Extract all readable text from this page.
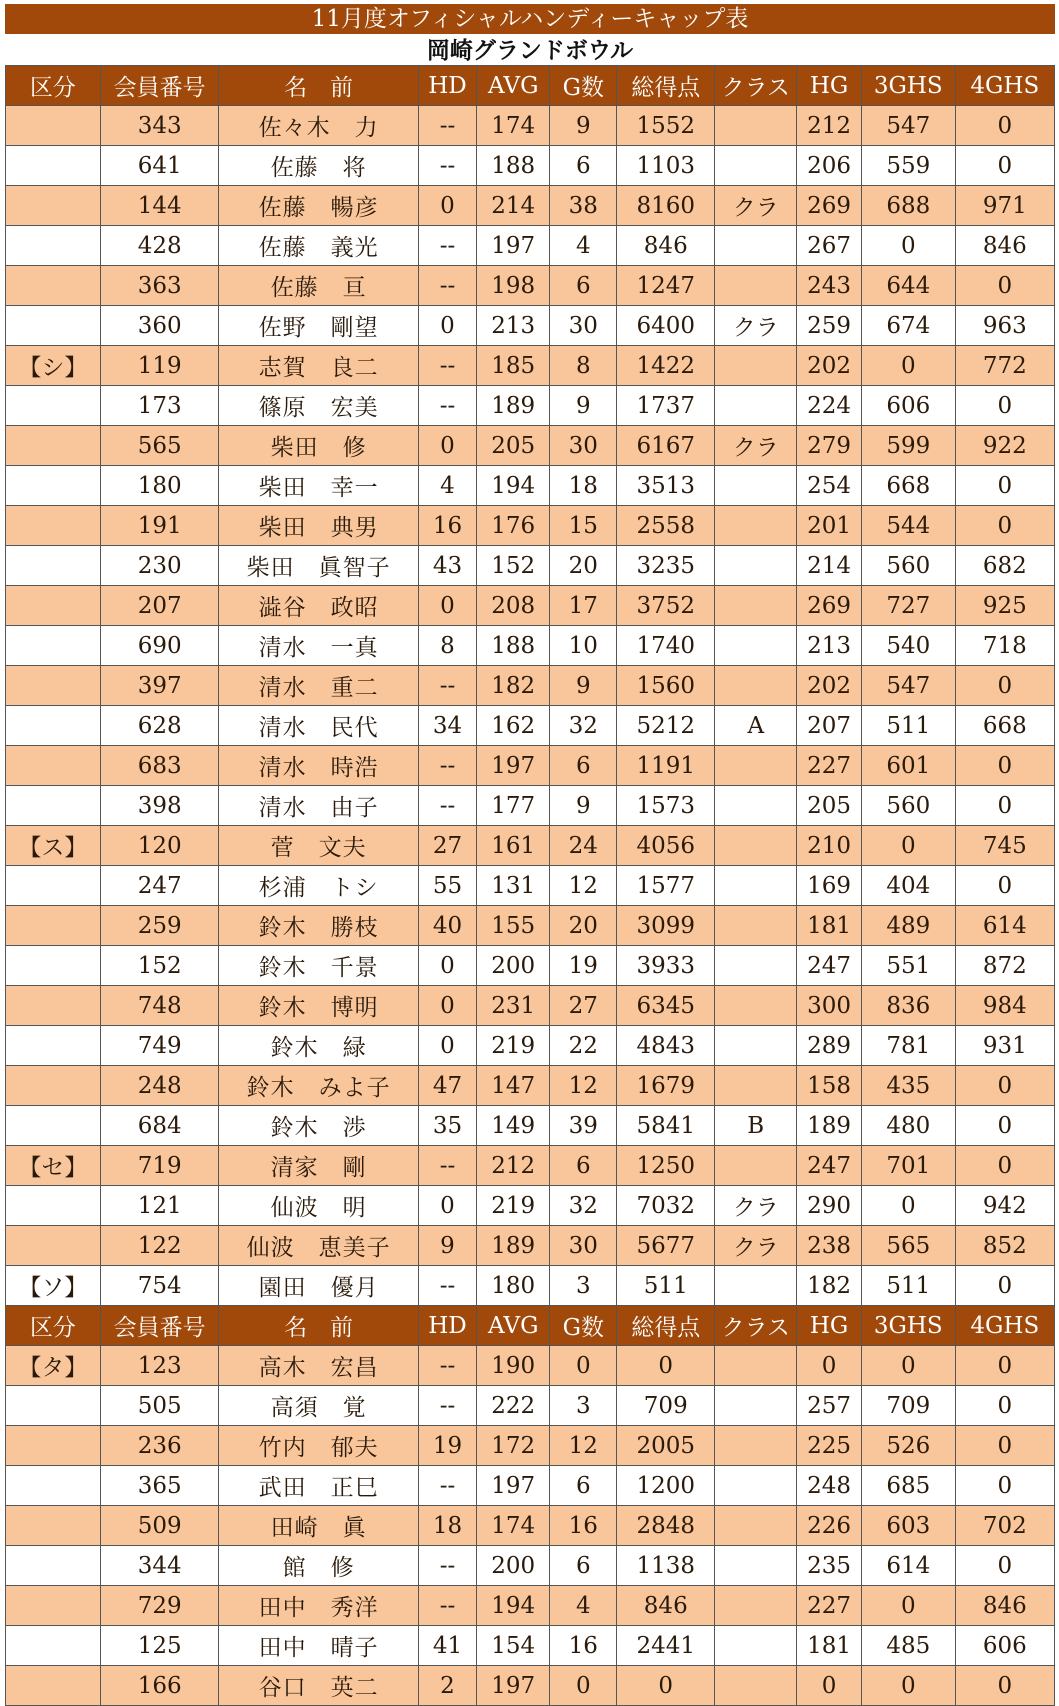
11月度オフィシャルハンディーキャップ表
岡崎グランドボウル
区分	会員番号	名　前	HD	AVG	G数	総得点	クラス	HG	3GHS	4GHS
	343	佐々木　力	--	174	9	1552		212	547	0
	641	佐藤　将	--	188	6	1103		206	559	0
	144	佐藤　暢彦	0	214	38	8160	クラ	269	688	971
	428	佐藤　義光	--	197	4	846		267	0	846
	363	佐藤　亘	--	198	6	1247		243	644	0
	360	佐野　剛望	0	213	30	6400	クラ	259	674	963
【シ】	119	志賀　良二	--	185	8	1422		202	0	772
	173	篠原　宏美	--	189	9	1737		224	606	0
	565	柴田　修	0	205	30	6167	クラ	279	599	922
	180	柴田　幸一	4	194	18	3513		254	668	0
	191	柴田　典男	16	176	15	2558		201	544	0
	230	柴田　眞智子	43	152	20	3235		214	560	682
	207	澁谷　政昭	0	208	17	3752		269	727	925
	690	清水　一真	8	188	10	1740		213	540	718
	397	清水　重二	--	182	9	1560		202	547	0
	628	清水　民代	34	162	32	5212	A	207	511	668
	683	清水　時浩	--	197	6	1191		227	601	0
	398	清水　由子	--	177	9	1573		205	560	0
【ス】	120	菅　文夫	27	161	24	4056		210	0	745
	247	杉浦　トシ	55	131	12	1577		169	404	0
	259	鈴木　勝枝	40	155	20	3099		181	489	614
	152	鈴木　千景	0	200	19	3933		247	551	872
	748	鈴木　博明	0	231	27	6345		300	836	984
	749	鈴木　緑	0	219	22	4843		289	781	931
	248	鈴木　みよ子	47	147	12	1679		158	435	0
	684	鈴木　渉	35	149	39	5841	B	189	480	0
【セ】	719	清家　剛	--	212	6	1250		247	701	0
	121	仙波　明	0	219	32	7032	クラ	290	0	942
	122	仙波　恵美子	9	189	30	5677	クラ	238	565	852
【ソ】	754	園田　優月	--	180	3	511		182	511	0
区分	会員番号	名　前	HD	AVG	G数	総得点	クラス	HG	3GHS	4GHS
【タ】	123	高木　宏昌	--	190	0	0		0	0	0
	505	高須　覚	--	222	3	709		257	709	0
	236	竹内　郁夫	19	172	12	2005		225	526	0
	365	武田　正巳	--	197	6	1200		248	685	0
	509	田崎　眞	18	174	16	2848		226	603	702
	344	館　修	--	200	6	1138		235	614	0
	729	田中　秀洋	--	194	4	846		227	0	846
	125	田中　晴子	41	154	16	2441		181	485	606
	166	谷口　英二	2	197	0	0		0	0	0
